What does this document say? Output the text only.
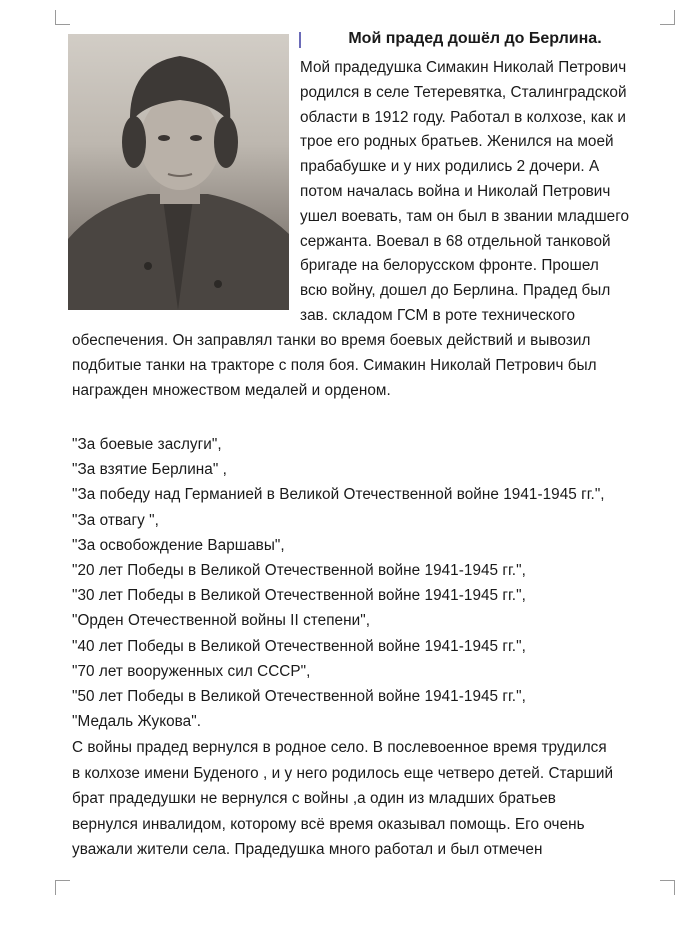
Мой прадед дошёл до Берлина.
Мой прадедушка Симакин Николай Петрович
родился в селе Тетеревятка, Сталинградской
области в 1912 году. Работал в колхозе, как и
трое его родных братьев. Женился на моей
прабабушке и у них родились 2 дочери. А
потом началась война и Николай Петрович
ушел воевать, там он был в звании младшего
сержанта. Воевал в 68 отдельной танковой
бригаде на белорусском фронте. Прошел
всю войну, дошел до Берлина. Прадед был
зав. складом ГСМ в роте технического
обеспечения. Он заправлял танки во время боевых действий и вывозил
подбитые танки на тракторе с поля боя. Симакин Николай Петрович был
награжден множеством медалей и орденом.
"За боевые заслуги",
"За взятие Берлина" ,
"За победу над Германией в Великой Отечественной войне 1941-1945 гг.",
"За отвагу ",
"За освобождение Варшавы",
"20 лет Победы в Великой Отечественной войне 1941-1945 гг.",
"30 лет Победы в Великой Отечественной войне 1941-1945 гг.",
"Орден Отечественной войны II степени",
"40 лет Победы в Великой Отечественной войне 1941-1945 гг.",
"70 лет вооруженных сил СССР",
"50 лет Победы в Великой Отечественной войне 1941-1945 гг.",
"Медаль Жукова".
С войны прадед вернулся в родное село. В послевоенное время трудился
в колхозе имени Буденого , и у него родилось еще четверо детей. Старший
брат прадедушки не вернулся с войны ,а один из младших братьев
вернулся инвалидом, которому всё время оказывал помощь. Его очень
уважали жители села. Прадедушка много работал и был отмечен
